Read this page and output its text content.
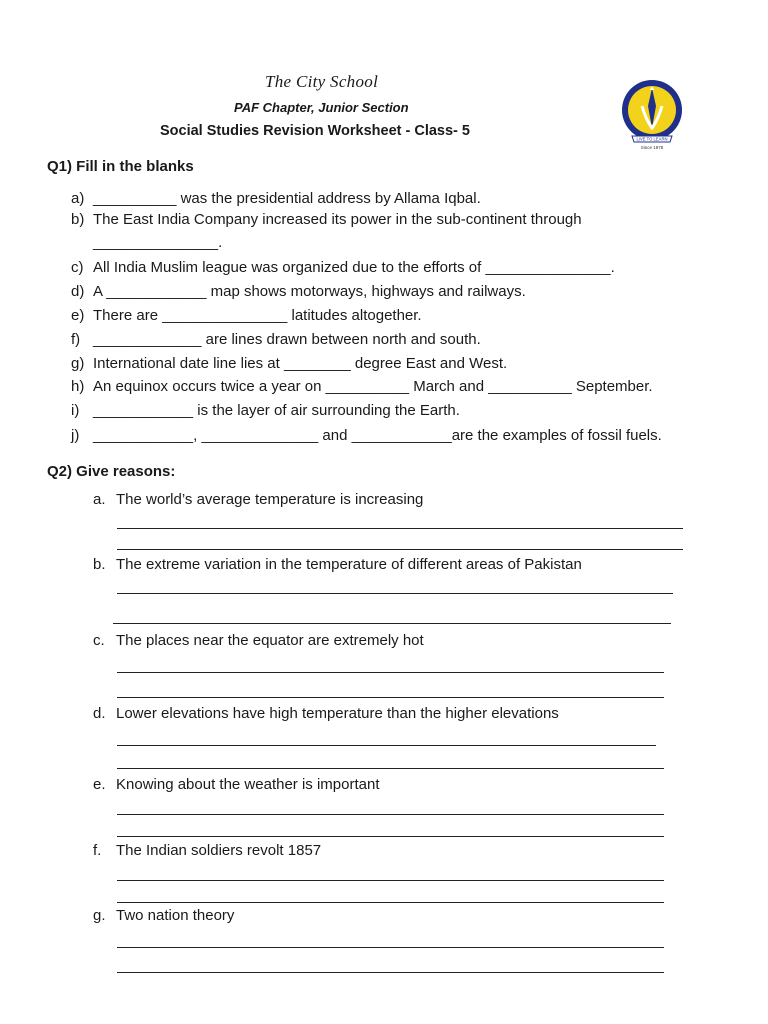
The City School
PAF Chapter, Junior Section
Social Studies Revision Worksheet - Class- 5	LIVE TO LEARN
Since 1978
Q1) Fill in the blanks
a) __________ was the presidential address by Allama Iqbal.
b) The East India Company increased its power in the sub-continent through
_______________.
c) All India Muslim league was organized due to the efforts of _______________.
d) A ____________ map shows motorways, highways and railways.
e) There are _______________ latitudes altogether.
f) _____________ are lines drawn between north and south.
g) International date line lies at ________ degree East and West.
h) An equinox occurs twice a year on __________ March and __________ September.
i) ____________ is the layer of air surrounding the Earth.
j) ____________, ______________ and ____________are the examples of fossil fuels.
Q2) Give reasons:
a. The world’s average temperature is increasing
b. The extreme variation in the temperature of different areas of Pakistan
c. The places near the equator are extremely hot
d. Lower elevations have high temperature than the higher elevations
e. Knowing about the weather is important
f. The Indian soldiers revolt 1857
g. Two nation theory
